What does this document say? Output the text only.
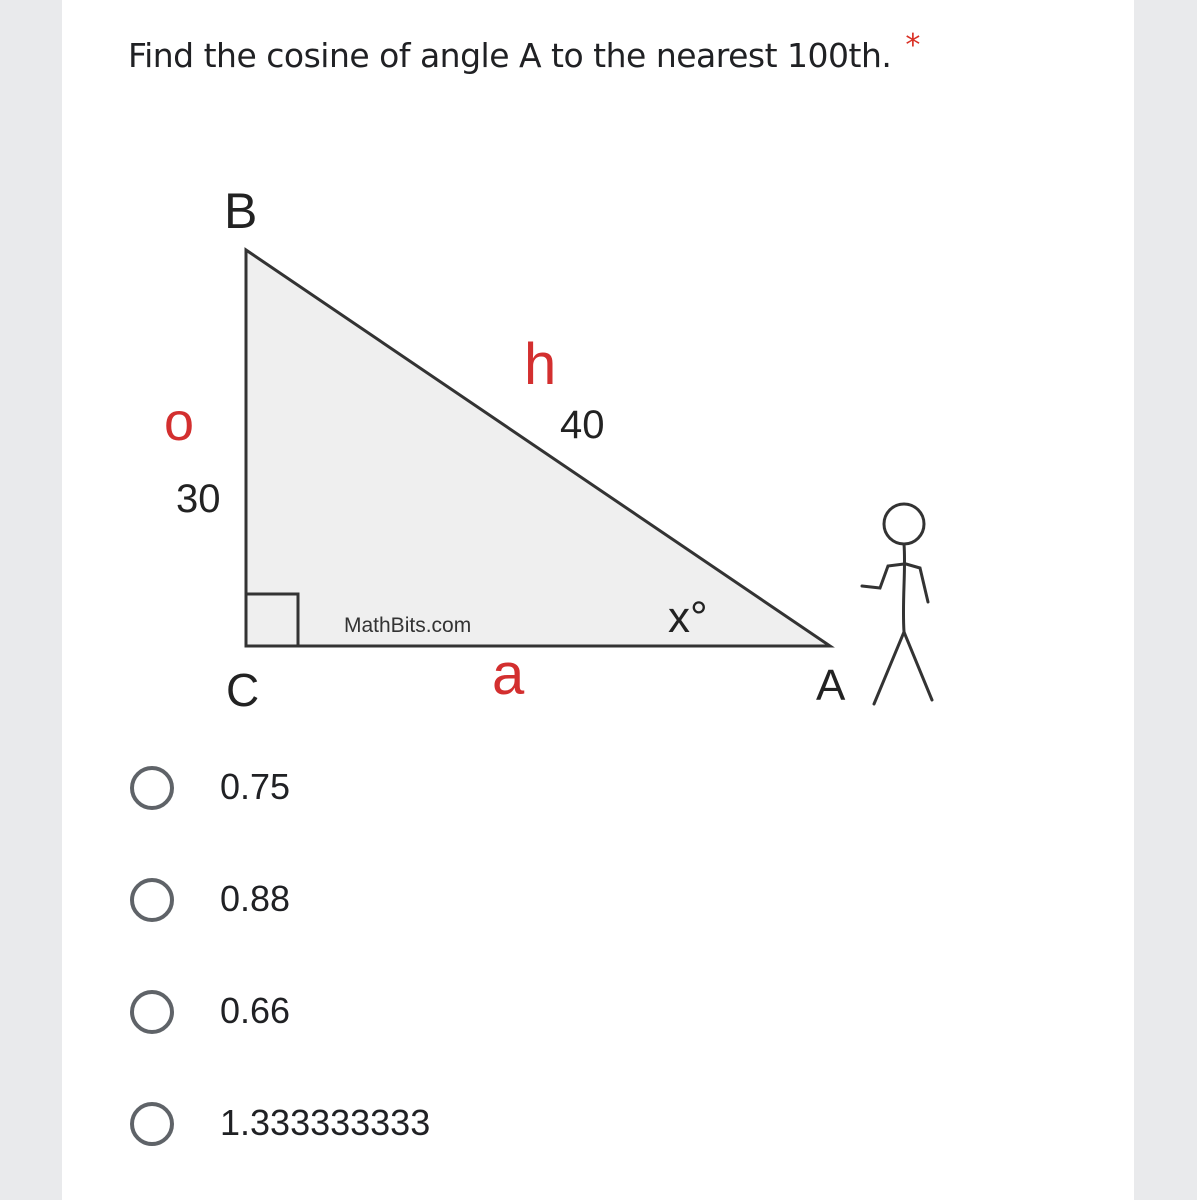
Find the cosine of angle A to the nearest 100th. *
B
C	A
o
30
h
40
x°
MathBits.com
a
0.75
0.88
0.66
1.333333333
